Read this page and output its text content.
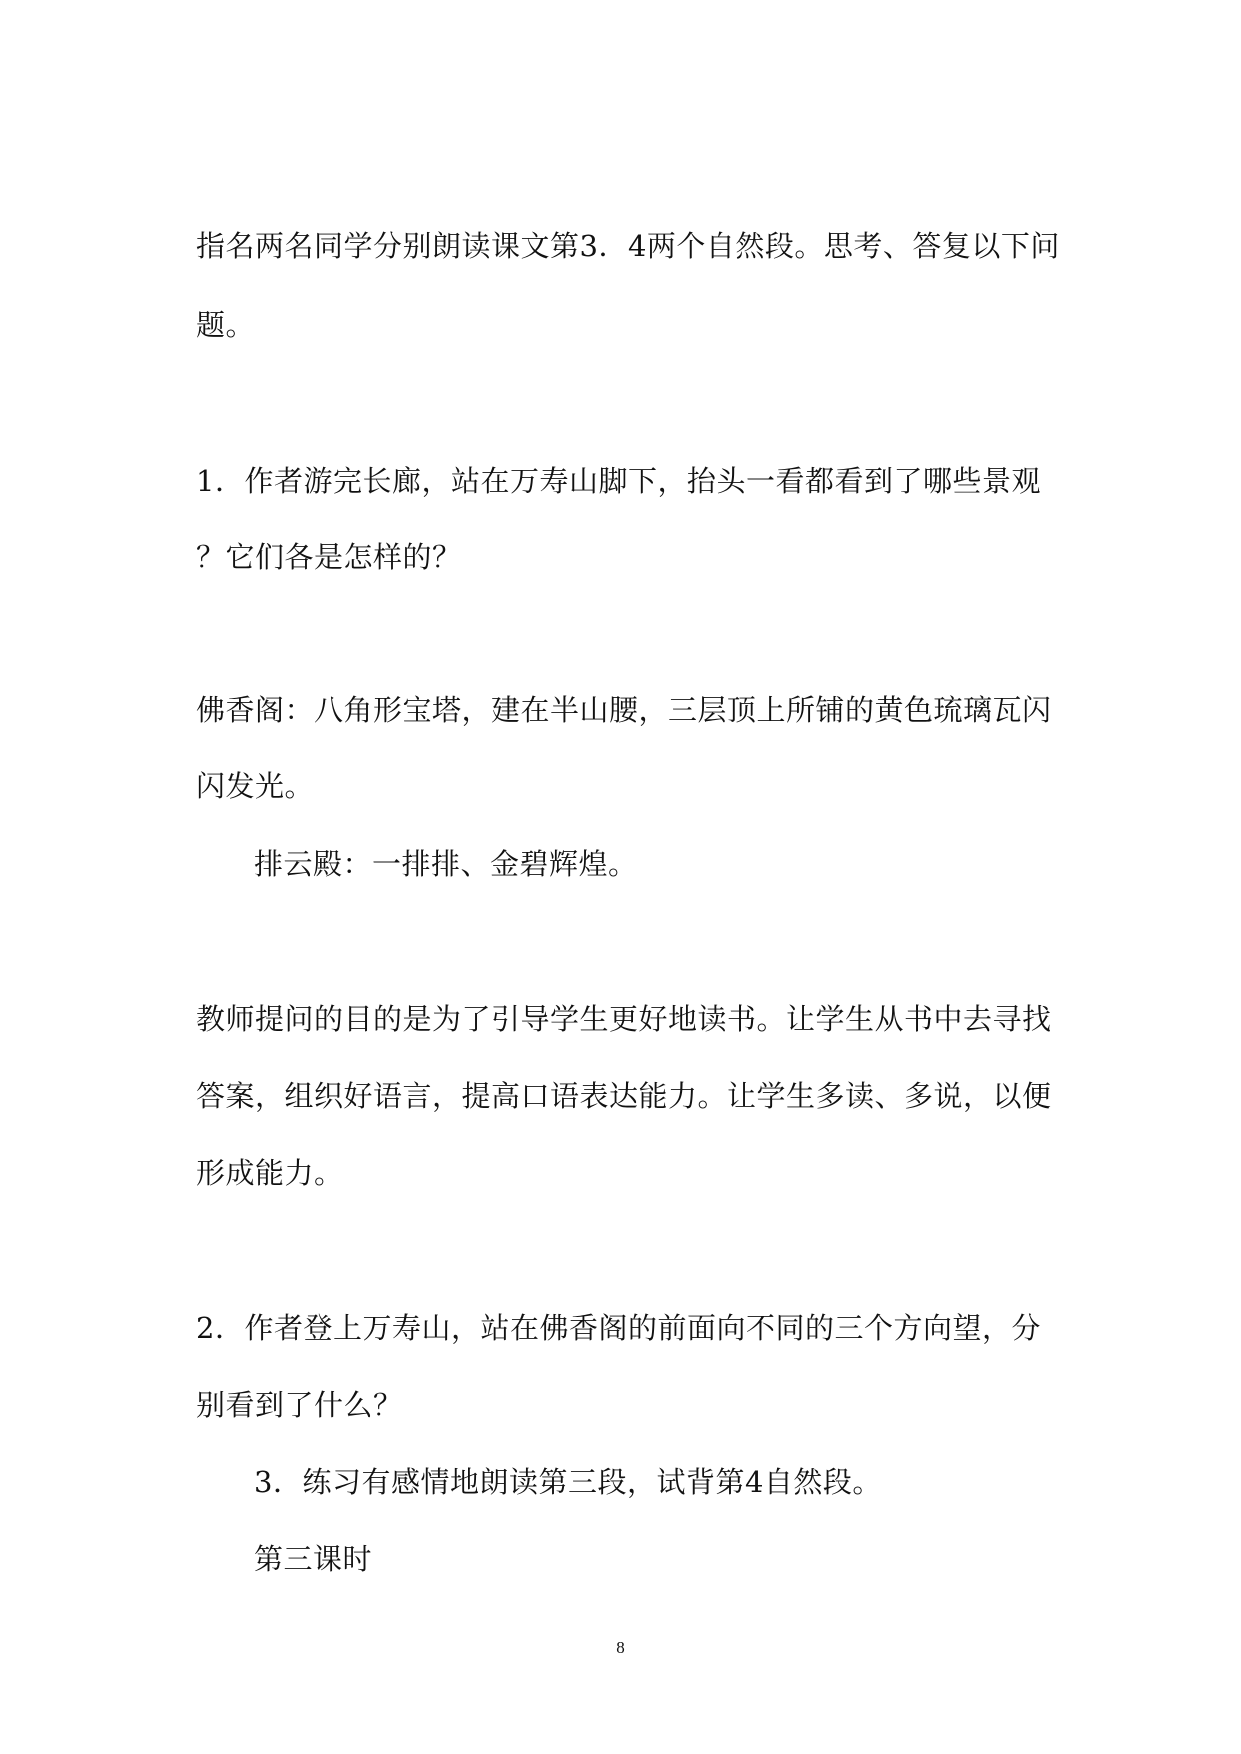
指名两名同学分别朗读课文第3．4两个自然段。思考、答复以下问
题。
1．作者游完长廊，站在万寿山脚下，抬头一看都看到了哪些景观
？它们各是怎样的？
佛香阁：八角形宝塔，建在半山腰，三层顶上所铺的黄色琉璃瓦闪
闪发光。
排云殿：一排排、金碧辉煌。
教师提问的目的是为了引导学生更好地读书。让学生从书中去寻找
答案，组织好语言，提高口语表达能力。让学生多读、多说，以便
形成能力。
2．作者登上万寿山，站在佛香阁的前面向不同的三个方向望，分
别看到了什么？
3．练习有感情地朗读第三段，试背第4自然段。
第三课时
8
